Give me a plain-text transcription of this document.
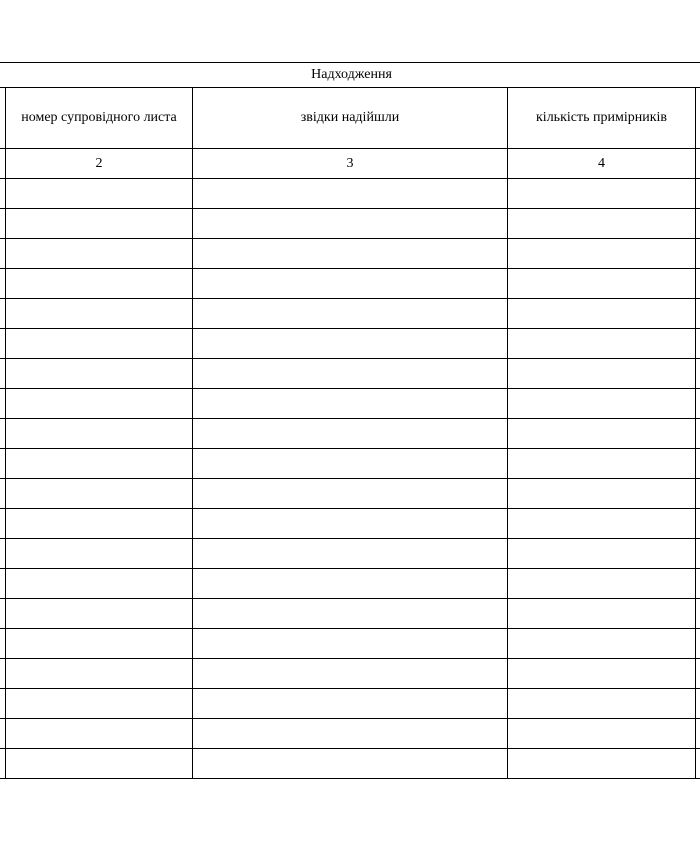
Надходження				
	номер супровідного листа	звідки надійшли	кількість примірників	
	2	3	4	
